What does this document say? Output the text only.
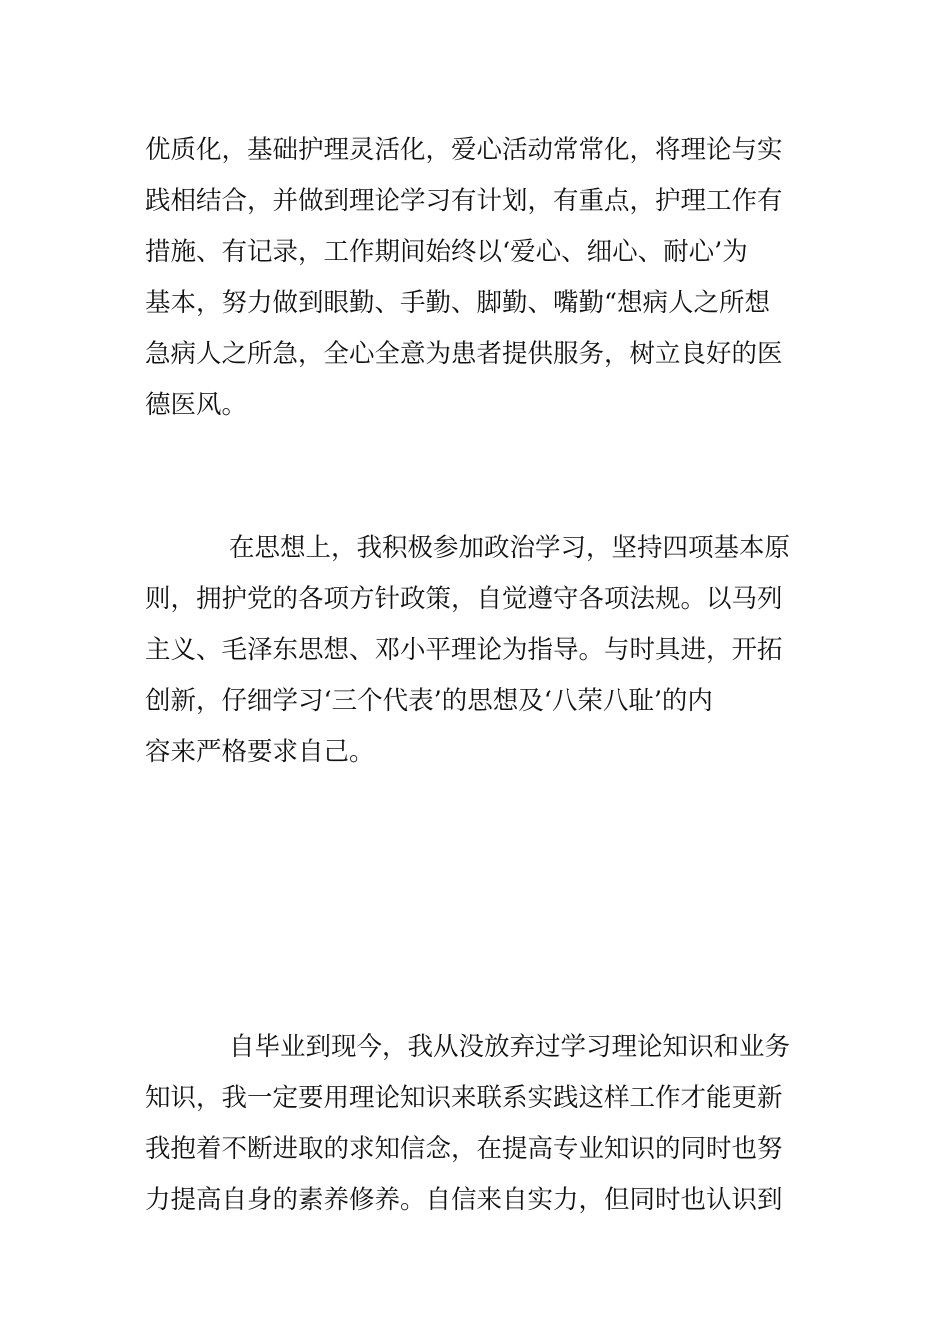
优质化，基础护理灵活化，爱心活动常常化，将理论与实
践相结合，并做到理论学习有计划，有重点，护理工作有
措施、有记录，工作期间始终以‘爱心、细心、耐心’为
基本，努力做到眼勤、手勤、脚勤、嘴勤“想病人之所想
急病人之所急，全心全意为患者提供服务，树立良好的医
德医风。
在思想上，我积极参加政治学习，坚持四项基本原
则，拥护党的各项方针政策，自觉遵守各项法规。以马列
主义、毛泽东思想、邓小平理论为指导。与时具进，开拓
创新，仔细学习‘三个代表’的思想及‘八荣八耻’的内
容来严格要求自己。
自毕业到现今，我从没放弃过学习理论知识和业务
知识，我一定要用理论知识来联系实践这样工作才能更新
我抱着不断进取的求知信念，在提高专业知识的同时也努
力提高自身的素养修养。自信来自实力，但同时也认识到
